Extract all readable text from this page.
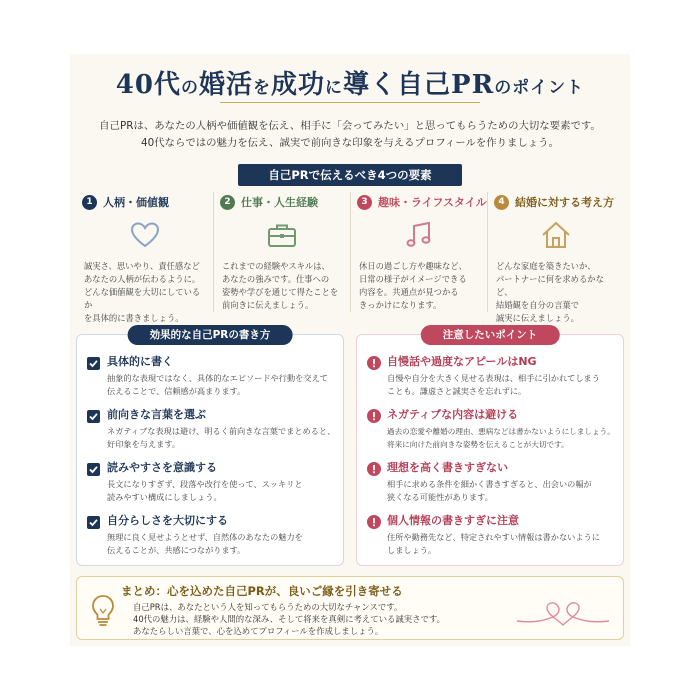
40代の婚活を成功に導く自己PRのポイント
自己PRは、あなたの人柄や価値観を伝え、相手に「会ってみたい」と思ってもらうための大切な要素です。
40代ならではの魅力を伝え、誠実で前向きな印象を与えるプロフィールを作りましょう。
自己PRで伝えるべき4つの要素
1 人柄・価値観
誠実さ、思いやり、責任感など
あなたの人柄が伝わるように。
どんな価値観を大切にしているか
を具体的に書きましょう。
2 仕事・人生経験
これまでの経験やスキルは、
あなたの強みです。仕事への
姿勢や学びを通じて得たことを
前向きに伝えましょう。
3 趣味・ライフスタイル
休日の過ごし方や趣味など、
日常の様子がイメージできる
内容を。共通点が見つかる
きっかけになります。
4 結婚に対する考え方
どんな家庭を築きたいか、
パートナーに何を求めるかなど、
結婚観を自分の言葉で
誠実に伝えましょう。
効果的な自己PRの書き方
具体的に書く
抽象的な表現ではなく、具体的なエピソードや行動を交えて
伝えることで、信頼感が高まります。
前向きな言葉を選ぶ
ネガティブな表現は避け、明るく前向きな言葉でまとめると、
好印象を与えます。
読みやすさを意識する
長文になりすぎず、段落や改行を使って、スッキリと
読みやすい構成にしましょう。
自分らしさを大切にする
無理に良く見せようとせず、自然体のあなたの魅力を
伝えることが、共感につながります。
注意したいポイント
自慢話や過度なアピールはNG
自慢や自分を大きく見せる表現は、相手に引かれてしまう
ことも。謙虚さと誠実さを忘れずに。
ネガティブな内容は避ける
過去の恋愛や離婚の理由、悪病などは書かないようにしましょう。
将来に向けた前向きな姿勢を伝えることが大切です。
理想を高く書きすぎない
相手に求める条件を細かく書きすぎると、出会いの幅が
狭くなる可能性があります。
個人情報の書きすぎに注意
住所や勤務先など、特定されやすい情報は書かないように
しましょう。
まとめ：心を込めた自己PRが、良いご縁を引き寄せる
自己PRは、あなたという人を知ってもらうための大切なチャンスです。
40代の魅力は、経験や人間的な深み、そして将来を真剣に考えている誠実さです。
あなたらしい言葉で、心を込めてプロフィールを作成しましょう。
